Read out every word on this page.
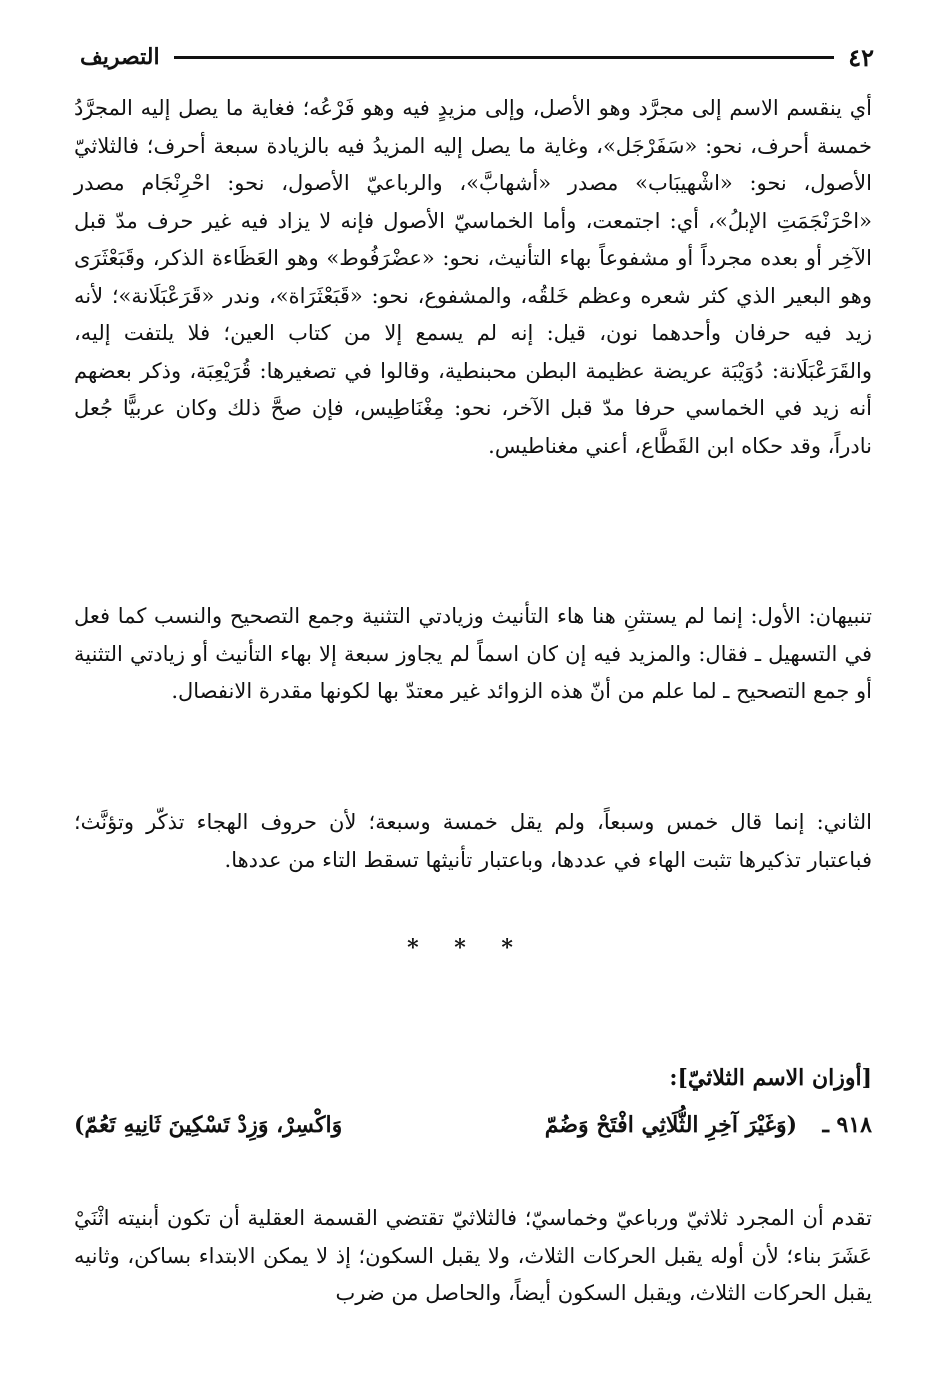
٤٢
التصريف

أي ينقسم الاسم إلى مجرَّد وهو الأصل، وإلى مزيدٍ فيه وهو فَرْعُه؛ فغاية ما يصل إليه المجرَّدُ خمسة أحرف، نحو: «سَفَرْجَل»، وغاية ما يصل إليه المزيدُ فيه بالزيادة سبعة أحرف؛ فالثلاثيّ الأصول، نحو: «اشْهيبَاب» مصدر «أشهابَّ»، والرباعيّ الأصول، نحو: احْرِنْجَام مصدر «احْرَنْجَمَتِ الإبلُ»، أي: اجتمعت، وأما الخماسيّ الأصول فإنه لا يزاد فيه غير حرف مدّ قبل الآخِر أو بعده مجرداً أو مشفوعاً بهاء التأنيث، نحو: «عضْرَفُوط» وهو العَظَاءة الذكر، وقَبَعْثَرَى وهو البعير الذي كثر شعره وعظم خَلقُه، والمشفوع، نحو: «قَبَعْثَرَاة»، وندر «قَرَعْبَلَانة»؛ لأنه زيد فيه حرفان وأحدهما نون، قيل: إنه لم يسمع إلا من كتاب العين؛ فلا يلتفت إليه، والقَرَعْبَلَانة: دُوَيْبَة عريضة عظيمة البطن محبنطية، وقالوا في تصغيرها: قُرَيْعِبَة، وذكر بعضهم أنه زيد في الخماسي حرفا مدّ قبل الآخر، نحو: مِغْنَاطِيس، فإن صحَّ ذلك وكان عربيًّا جُعل نادراً، وقد حكاه ابن القَطَّاع، أعني مغناطيس.

تنبيهان: الأول: إنما لم يستثنِ هنا هاء التأنيث وزيادتي التثنية وجمع التصحيح والنسب كما فعل في التسهيل ـ فقال: والمزيد فيه إن كان اسماً لم يجاوز سبعة إلا بهاء التأنيث أو زيادتي التثنية أو جمع التصحيح ـ لما علم من أنّ هذه الزوائد غير معتدّ بها لكونها مقدرة الانفصال.

الثاني: إنما قال خمس وسبعاً، ولم يقل خمسة وسبعة؛ لأن حروف الهجاء تذكّر وتؤنَّث؛ فباعتبار تذكيرها تثبت الهاء في عددها، وباعتبار تأنيثها تسقط التاء من عددها.

* * *
[أوزان الاسم الثلاثيّ]:
٩١٨ ـ
(وَغَيْرَ آخِرِ الثُّلَاثِي افْتَحْ وَضُمّ
وَاكْسِرْ، وَزِدْ تَسْكِينَ ثَانِيهِ تَعُمّ)

تقدم أن المجرد ثلاثيّ ورباعيّ وخماسيّ؛ فالثلاثيّ تقتضي القسمة العقلية أن تكون أبنيته اثْنَيْ عَشَرَ بناء؛ لأن أوله يقبل الحركات الثلاث، ولا يقبل السكون؛ إذ لا يمكن الابتداء بساكن، وثانيه يقبل الحركات الثلاث، ويقبل السكون أيضاً، والحاصل من ضرب
